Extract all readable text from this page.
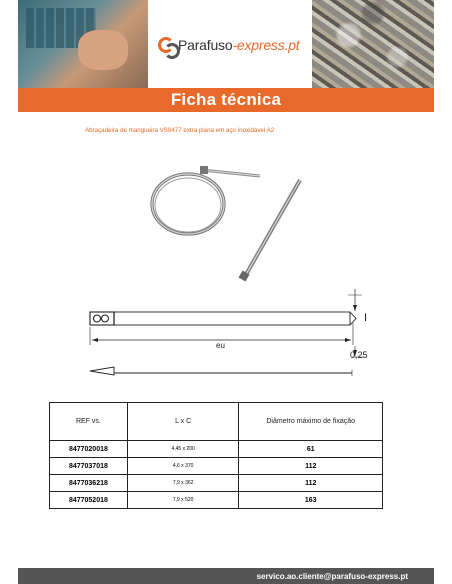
Parafuso-express.pt
Ficha técnica
Abraçadeira de mangueira VS8477 extra plana em aço inoxidável A2
eu
I
0,25
REF vs.	L x C	Diâmetro máximo de fixação
8477020018	4,45 x 200	61
8477037018	4,6 x 370	112
8477036218	7,9 x 362	112
8477052018	7,9 x 520	163
servico.ao.cliente@parafuso-express.pt
